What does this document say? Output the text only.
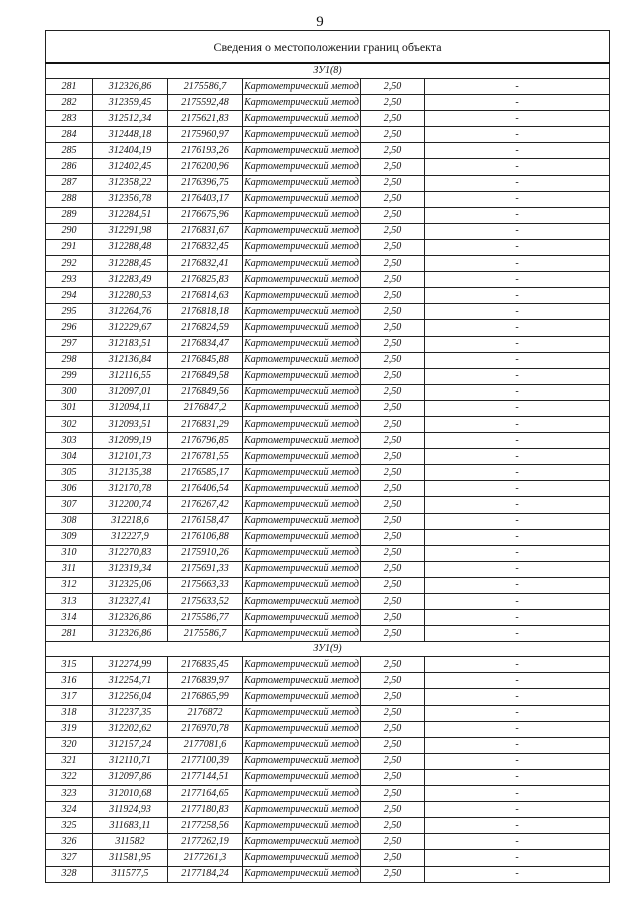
9
Сведения о местоположении границ объекта					
ЗУ1(8)					
281	312326,86	2175586,7	Картометрический метод	2,50	-
282	312359,45	2175592,48	Картометрический метод	2,50	-
283	312512,34	2175621,83	Картометрический метод	2,50	-
284	312448,18	2175960,97	Картометрический метод	2,50	-
285	312404,19	2176193,26	Картометрический метод	2,50	-
286	312402,45	2176200,96	Картометрический метод	2,50	-
287	312358,22	2176396,75	Картометрический метод	2,50	-
288	312356,78	2176403,17	Картометрический метод	2,50	-
289	312284,51	2176675,96	Картометрический метод	2,50	-
290	312291,98	2176831,67	Картометрический метод	2,50	-
291	312288,48	2176832,45	Картометрический метод	2,50	-
292	312288,45	2176832,41	Картометрический метод	2,50	-
293	312283,49	2176825,83	Картометрический метод	2,50	-
294	312280,53	2176814,63	Картометрический метод	2,50	-
295	312264,76	2176818,18	Картометрический метод	2,50	-
296	312229,67	2176824,59	Картометрический метод	2,50	-
297	312183,51	2176834,47	Картометрический метод	2,50	-
298	312136,84	2176845,88	Картометрический метод	2,50	-
299	312116,55	2176849,58	Картометрический метод	2,50	-
300	312097,01	2176849,56	Картометрический метод	2,50	-
301	312094,11	2176847,2	Картометрический метод	2,50	-
302	312093,51	2176831,29	Картометрический метод	2,50	-
303	312099,19	2176796,85	Картометрический метод	2,50	-
304	312101,73	2176781,55	Картометрический метод	2,50	-
305	312135,38	2176585,17	Картометрический метод	2,50	-
306	312170,78	2176406,54	Картометрический метод	2,50	-
307	312200,74	2176267,42	Картометрический метод	2,50	-
308	312218,6	2176158,47	Картометрический метод	2,50	-
309	312227,9	2176106,88	Картометрический метод	2,50	-
310	312270,83	2175910,26	Картометрический метод	2,50	-
311	312319,34	2175691,33	Картометрический метод	2,50	-
312	312325,06	2175663,33	Картометрический метод	2,50	-
313	312327,41	2175633,52	Картометрический метод	2,50	-
314	312326,86	2175586,77	Картометрический метод	2,50	-
281	312326,86	2175586,7	Картометрический метод	2,50	-
ЗУ1(9)					
315	312274,99	2176835,45	Картометрический метод	2,50	-
316	312254,71	2176839,97	Картометрический метод	2,50	-
317	312256,04	2176865,99	Картометрический метод	2,50	-
318	312237,35	2176872	Картометрический метод	2,50	-
319	312202,62	2176970,78	Картометрический метод	2,50	-
320	312157,24	2177081,6	Картометрический метод	2,50	-
321	312110,71	2177100,39	Картометрический метод	2,50	-
322	312097,86	2177144,51	Картометрический метод	2,50	-
323	312010,68	2177164,65	Картометрический метод	2,50	-
324	311924,93	2177180,83	Картометрический метод	2,50	-
325	311683,11	2177258,56	Картометрический метод	2,50	-
326	311582	2177262,19	Картометрический метод	2,50	-
327	311581,95	2177261,3	Картометрический метод	2,50	-
328	311577,5	2177184,24	Картометрический метод	2,50	-
